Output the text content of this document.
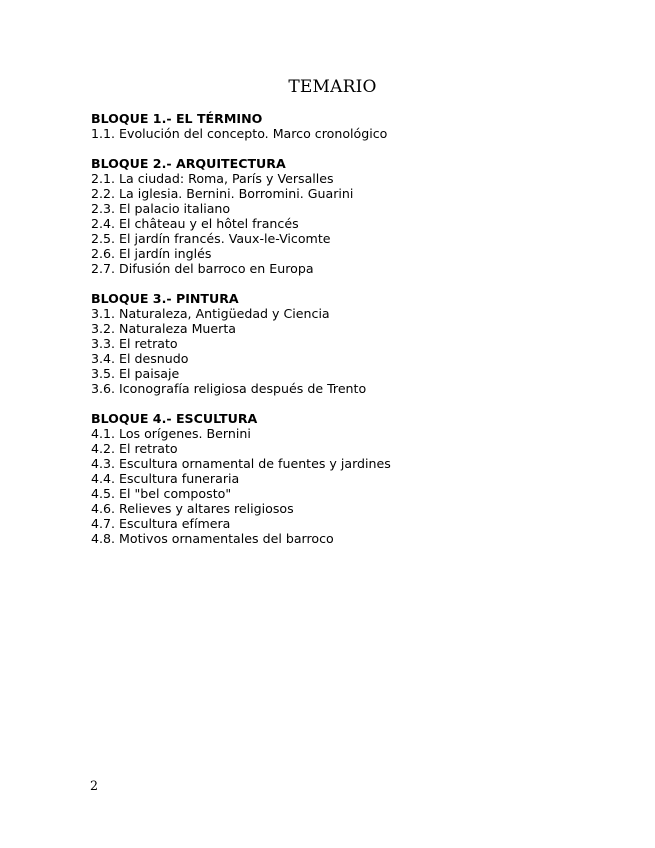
TEMARIO
BLOQUE 1.- EL TÉRMINO
1.1. Evolución del concepto. Marco cronológico
BLOQUE 2.- ARQUITECTURA
2.1. La ciudad: Roma, París y Versalles
2.2. La iglesia. Bernini. Borromini. Guarini
2.3. El palacio italiano
2.4. El château y el hôtel francés
2.5. El jardín francés. Vaux-le-Vicomte
2.6. El jardín inglés
2.7. Difusión del barroco en Europa
BLOQUE 3.- PINTURA
3.1. Naturaleza, Antigüedad y Ciencia
3.2. Naturaleza Muerta
3.3. El retrato
3.4. El desnudo
3.5. El paisaje
3.6. Iconografía religiosa después de Trento
BLOQUE 4.- ESCULTURA
4.1. Los orígenes. Bernini
4.2. El retrato
4.3. Escultura ornamental de fuentes y jardines
4.4. Escultura funeraria
4.5. El "bel composto"
4.6. Relieves y altares religiosos
4.7. Escultura efímera
4.8. Motivos ornamentales del barroco
2
